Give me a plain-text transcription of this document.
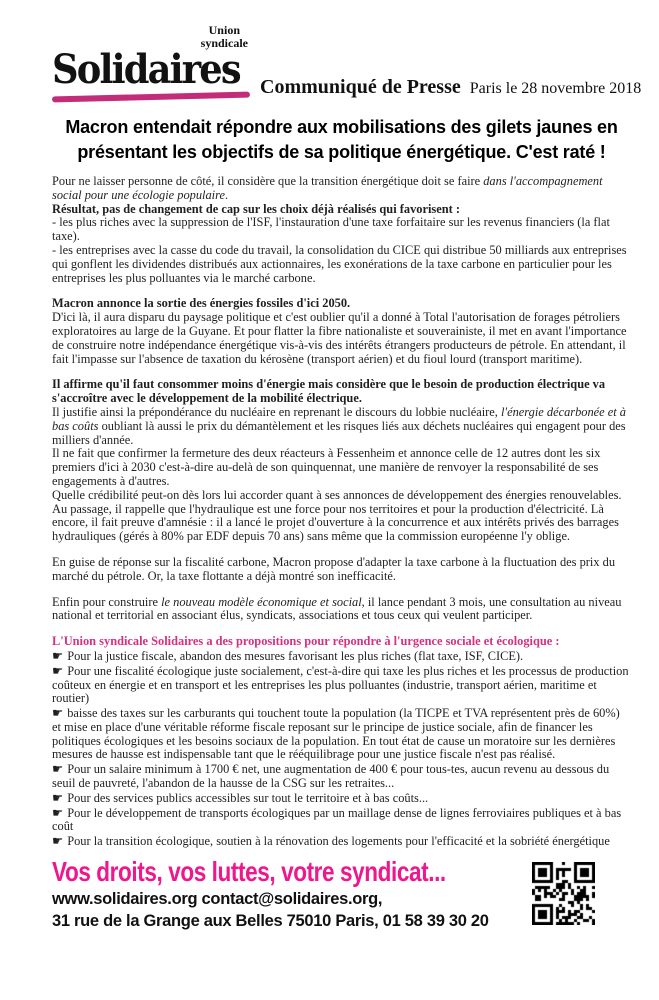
Union
syndicale
Solidaires Communiqué de Presse Paris le 28 novembre 2018
Macron entendait répondre aux mobilisations des gilets jaunes en présentant les objectifs de sa politique énergétique. C'est raté !

Pour ne laisser personne de côté, il considère que la transition énergétique doit se faire dans l'accompagnement social pour une écologie populaire.

Résultat, pas de changement de cap sur les choix déjà réalisés qui favorisent :

- les plus riches avec la suppression de l'ISF, l'instauration d'une taxe forfaitaire sur les revenus financiers (la flat taxe).

- les entreprises avec la casse du code du travail, la consolidation du CICE qui distribue 50 milliards aux entreprises qui gonflent les dividendes distribués aux actionnaires, les exonérations de la taxe carbone en particulier pour les entreprises les plus polluantes via le marché carbone.

Macron annonce la sortie des énergies fossiles d'ici 2050.

D'ici là, il aura disparu du paysage politique et c'est oublier qu'il a donné à Total l'autorisation de forages pétroliers exploratoires au large de la Guyane. Et pour flatter la fibre nationaliste et souverainiste, il met en avant l'importance de construire notre indépendance énergétique vis-à-vis des intérêts étrangers producteurs de pétrole. En attendant, il fait l'impasse sur l'absence de taxation du kérosène (transport aérien) et du fioul lourd (transport maritime).

Il affirme qu'il faut consommer moins d'énergie mais considère que le besoin de production électrique va s'accroître avec le développement de la mobilité électrique.

Il justifie ainsi la prépondérance du nucléaire en reprenant le discours du lobbie nucléaire, l'énergie décarbonée et à bas coûts oubliant là aussi le prix du démantèlement et les risques liés aux déchets nucléaires qui engagent pour des milliers d'année.

Il ne fait que confirmer la fermeture des deux réacteurs à Fessenheim et annonce celle de 12 autres dont les six premiers d'ici à 2030 c'est-à-dire au-delà de son quinquennat, une manière de renvoyer la responsabilité de ses engagements à d'autres.

Quelle crédibilité peut-on dès lors lui accorder quant à ses annonces de développement des énergies renouvelables. Au passage, il rappelle que l'hydraulique est une force pour nos territoires et pour la production d'électricité. Là encore, il fait preuve d'amnésie : il a lancé le projet d'ouverture à la concurrence et aux intérêts privés des barrages hydrauliques (gérés à 80% par EDF depuis 70 ans) sans même que la commission européenne l'y oblige.

En guise de réponse sur la fiscalité carbone, Macron propose d'adapter la taxe carbone à la fluctuation des prix du marché du pétrole. Or, la taxe flottante a déjà montré son inefficacité.

Enfin pour construire le nouveau modèle économique et social, il lance pendant 3 mois, une consultation au niveau national et territorial en associant élus, syndicats, associations et tous ceux qui veulent participer.

L'Union syndicale Solidaires a des propositions pour répondre à l'urgence sociale et écologique :

☛ Pour la justice fiscale, abandon des mesures favorisant les plus riches (flat taxe, ISF, CICE).

☛ Pour une fiscalité écologique juste socialement, c'est-à-dire qui taxe les plus riches et les processus de production coûteux en énergie et en transport et les entreprises les plus polluantes (industrie, transport aérien, maritime et routier)

☛ baisse des taxes sur les carburants qui touchent toute la population (la TICPE et TVA représentent près de 60%) et mise en place d'une véritable réforme fiscale reposant sur le principe de justice sociale, afin de financer les politiques écologiques et les besoins sociaux de la population. En tout état de cause un moratoire sur les dernières mesures de hausse est indispensable tant que le rééquilibrage pour une justice fiscale n'est pas réalisé.

☛ Pour un salaire minimum à 1700 € net, une augmentation de 400 € pour tous-tes, aucun revenu au dessous du seuil de pauvreté, l'abandon de la hausse de la CSG sur les retraites...

☛ Pour des services publics accessibles sur tout le territoire et à bas coûts...

☛ Pour le développement de transports écologiques par un maillage dense de lignes ferroviaires publiques et à bas coût

☛ Pour la transition écologique, soutien à la rénovation des logements pour l'efficacité et la sobriété énergétique

Vos droits, vos luttes, votre syndicat...
www.solidaires.org contact@solidaires.org,
31 rue de la Grange aux Belles 75010 Paris, 01 58 39 30 20
